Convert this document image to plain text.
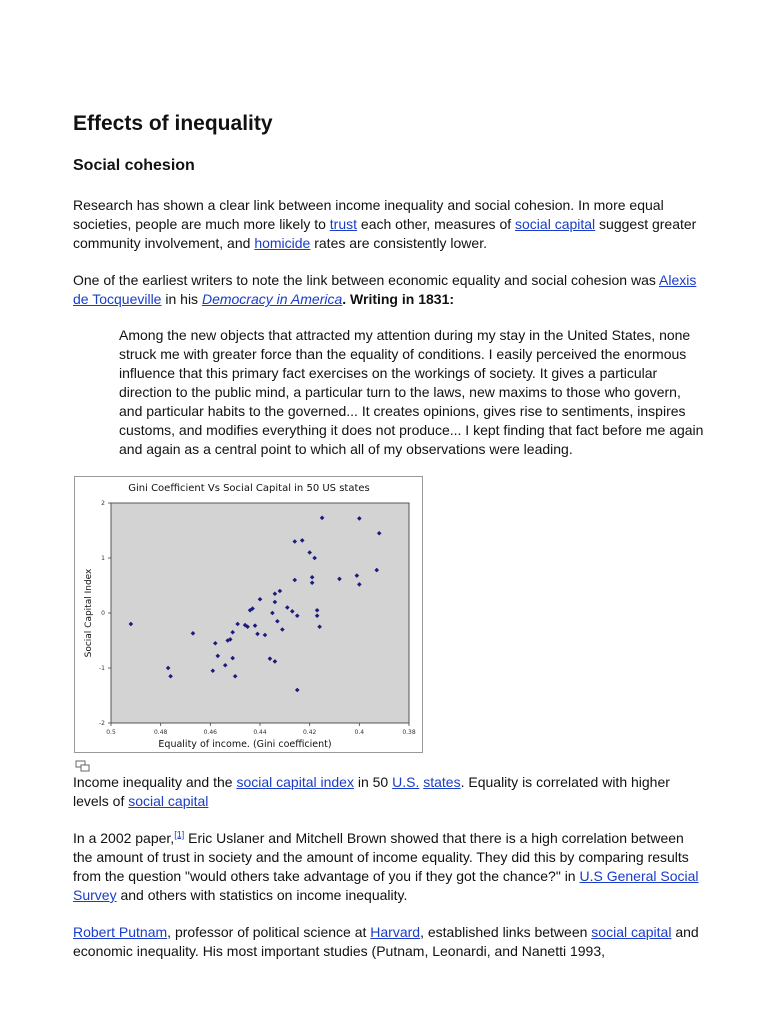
Effects of inequality
Social cohesion

Research has shown a clear link between income inequality and social cohesion. In more equal societies, people are much more likely to trust each other, measures of social capital suggest greater community involvement, and homicide rates are consistently lower.

One of the earliest writers to note the link between economic equality and social cohesion was Alexis de Tocqueville in his Democracy in America. Writing in 1831:

Among the new objects that attracted my attention during my stay in the United States, none struck me with greater force than the equality of conditions. I easily perceived the enormous influence that this primary fact exercises on the workings of society. It gives a particular direction to the public mind, a particular turn to the laws, new maxims to those who govern, and particular habits to the governed... It creates opinions, gives rise to sentiments, inspires customs, and modifies everything it does not produce... I kept finding that fact before me again and again as a central point to which all of my observations were leading.

Gini Coefficient Vs Social Capital in 50 US states
0.5	0.48	0.46	0.44	0.42	0.4	0.38
-2
-1
0
1
2
Equality of income. (Gini coefficient)
Social Capital Index

Income inequality and the social capital index in 50 U.S. states. Equality is correlated with higher levels of social capital

In a 2002 paper,[1] Eric Uslaner and Mitchell Brown showed that there is a high correlation between the amount of trust in society and the amount of income equality. They did this by comparing results from the question "would others take advantage of you if they got the chance?" in U.S General Social Survey and others with statistics on income inequality.

Robert Putnam, professor of political science at Harvard, established links between social capital and economic inequality. His most important studies (Putnam, Leonardi, and Nanetti 1993,
